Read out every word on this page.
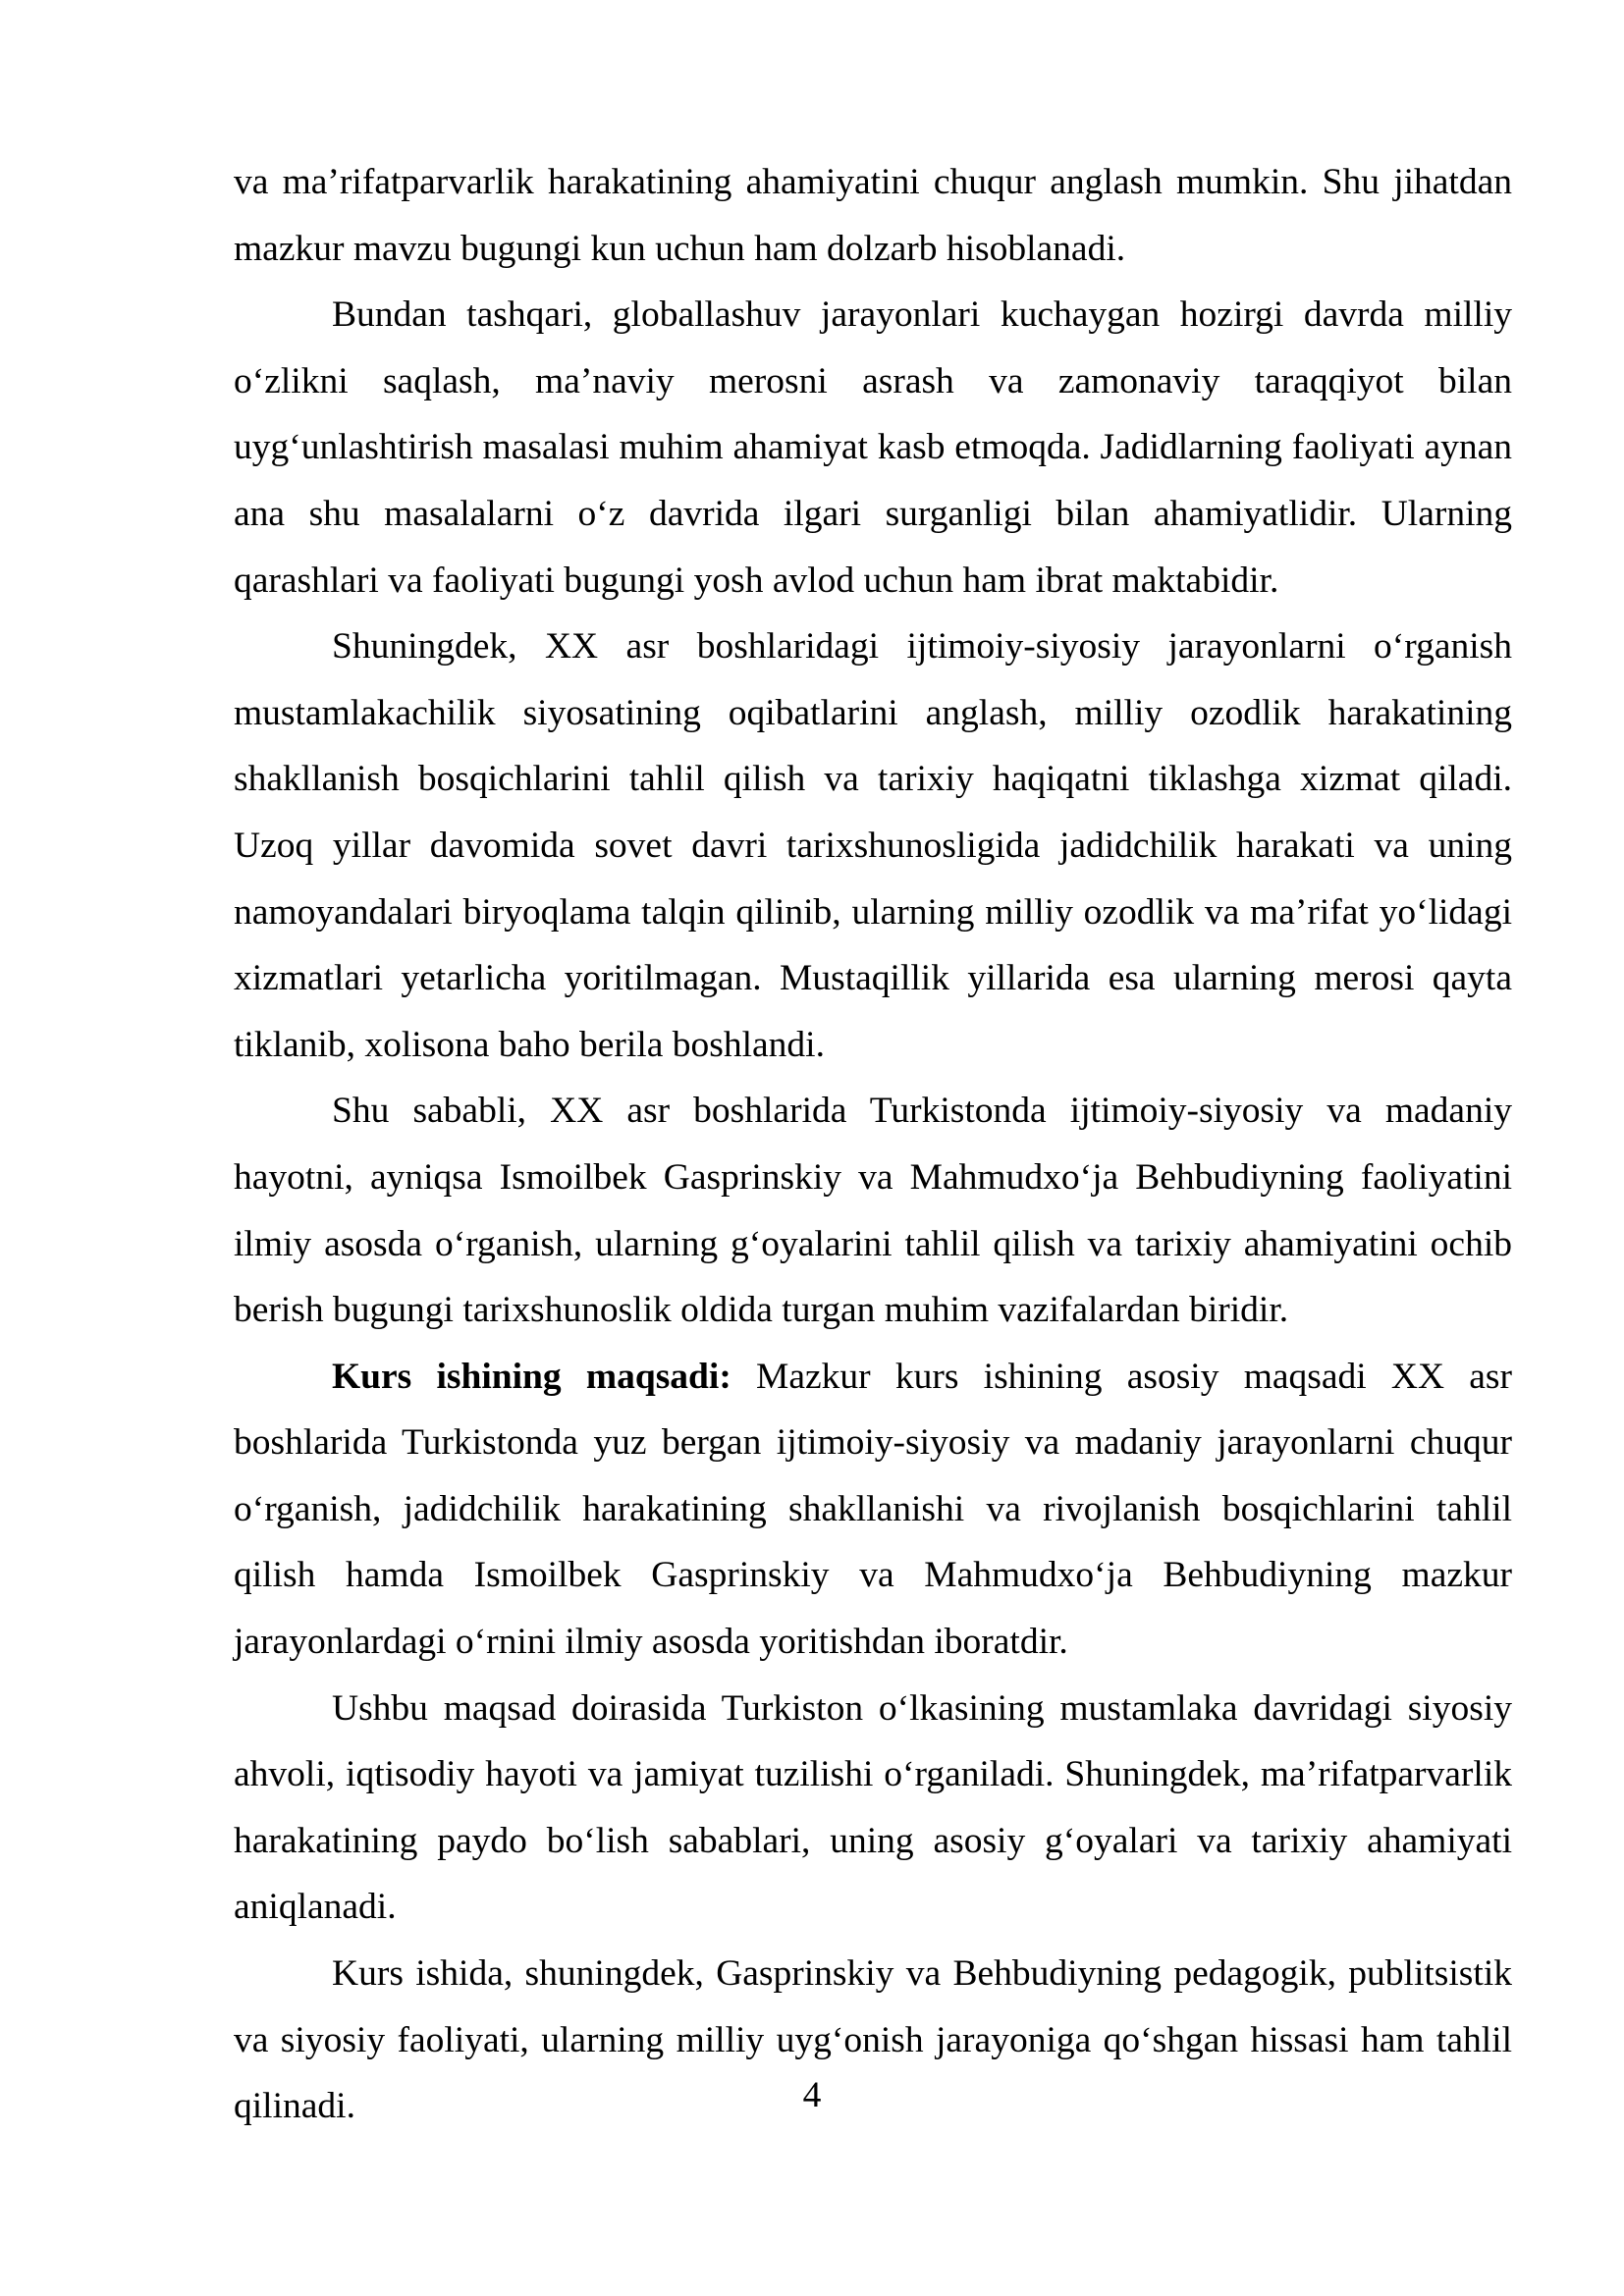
va ma’rifatparvarlik harakatining ahamiyatini chuqur anglash mumkin. Shu jihatdan mazkur mavzu bugungi kun uchun ham dolzarb hisoblanadi.

Bundan tashqari, globallashuv jarayonlari kuchaygan hozirgi davrda milliy o‘zlikni saqlash, ma’naviy merosni asrash va zamonaviy taraqqiyot bilan uyg‘unlashtirish masalasi muhim ahamiyat kasb etmoqda. Jadidlarning faoliyati aynan ana shu masalalarni o‘z davrida ilgari surganligi bilan ahamiyatlidir. Ularning qarashlari va faoliyati bugungi yosh avlod uchun ham ibrat maktabidir.

Shuningdek, XX asr boshlaridagi ijtimoiy-siyosiy jarayonlarni o‘rganish mustamlakachilik siyosatining oqibatlarini anglash, milliy ozodlik harakatining shakllanish bosqichlarini tahlil qilish va tarixiy haqiqatni tiklashga xizmat qiladi. Uzoq yillar davomida sovet davri tarixshunosligida jadidchilik harakati va uning namoyandalari biryoqlama talqin qilinib, ularning milliy ozodlik va ma’rifat yo‘lidagi xizmatlari yetarlicha yoritilmagan. Mustaqillik yillarida esa ularning merosi qayta tiklanib, xolisona baho berila boshlandi.

Shu sababli, XX asr boshlarida Turkistonda ijtimoiy-siyosiy va madaniy hayotni, ayniqsa Ismoilbek Gasprinskiy va Mahmudxo‘ja Behbudiyning faoliyatini ilmiy asosda o‘rganish, ularning g‘oyalarini tahlil qilish va tarixiy ahamiyatini ochib berish bugungi tarixshunoslik oldida turgan muhim vazifalardan biridir.

Kurs ishining maqsadi: Mazkur kurs ishining asosiy maqsadi XX asr boshlarida Turkistonda yuz bergan ijtimoiy-siyosiy va madaniy jarayonlarni chuqur o‘rganish, jadidchilik harakatining shakllanishi va rivojlanish bosqichlarini tahlil qilish hamda Ismoilbek Gasprinskiy va Mahmudxo‘ja Behbudiyning mazkur jarayonlardagi o‘rnini ilmiy asosda yoritishdan iboratdir.

Ushbu maqsad doirasida Turkiston o‘lkasining mustamlaka davridagi siyosiy ahvoli, iqtisodiy hayoti va jamiyat tuzilishi o‘rganiladi. Shuningdek, ma’rifatparvarlik harakatining paydo bo‘lish sabablari, uning asosiy g‘oyalari va tarixiy ahamiyati aniqlanadi.

Kurs ishida, shuningdek, Gasprinskiy va Behbudiyning pedagogik, publitsistik va siyosiy faoliyati, ularning milliy uyg‘onish jarayoniga qo‘shgan hissasi ham tahlil qilinadi.	4
